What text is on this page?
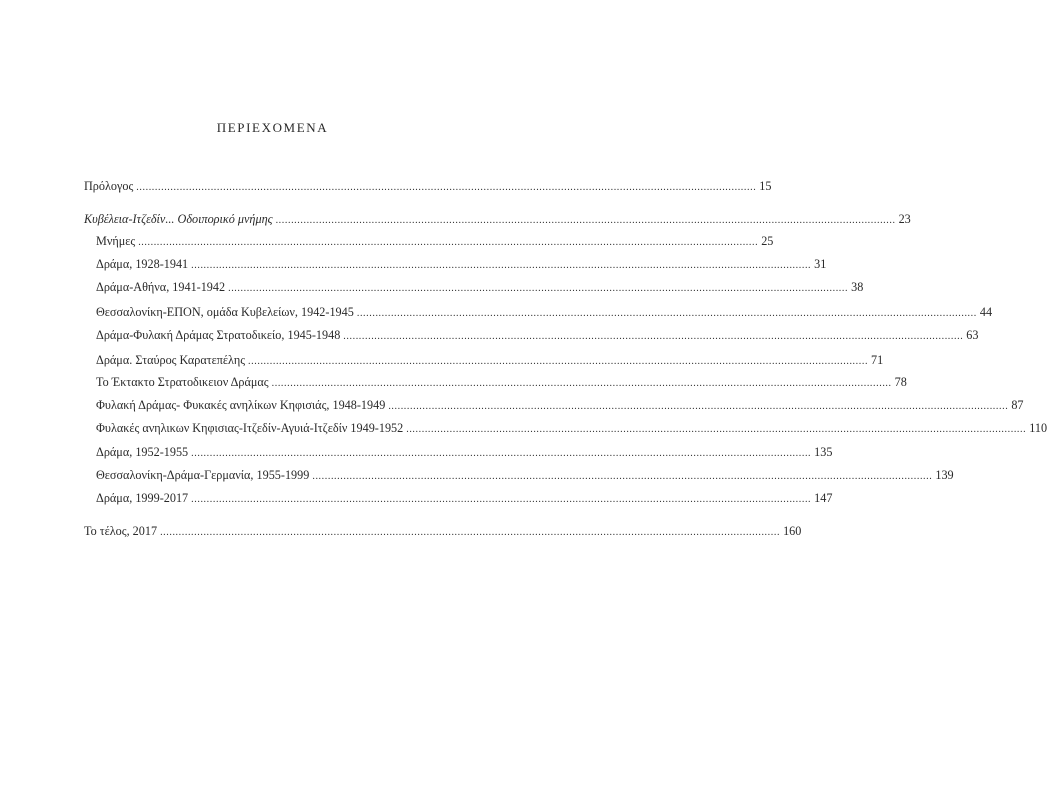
ΠΕΡΙΕΧΟΜΕΝΑ
Πρόλογος ........................................................................................................................................................................................................ 15
Κυβέλεια-Ιτζεδίν... Οδοιπορικό μνήμης ........................................................................................................................................................................................................ 23
Μνήμες ........................................................................................................................................................................................................ 25
Δράμα, 1928-1941 ........................................................................................................................................................................................................ 31
Θεσσαλονίκη-ΕΠΟΝ, ομάδα Κυβελείων, 1942-1945 ........................................................................................................................................................................................................ 44
Δράμα-Αθήνα, 1941-1942 ........................................................................................................................................................................................................ 38
Δράμα-Φυλακή Δράμας Στρατοδικείο, 1945-1948 ........................................................................................................................................................................................................ 63
Δράμα. Σταύρος Καρατεπέλης ........................................................................................................................................................................................................ 71
Το Έκτακτο Στρατοδικειον Δράμας ........................................................................................................................................................................................................ 78
Φυλακή Δράμας- Φυκακές ανηλίκων Κηφισιάς, 1948-1949 ........................................................................................................................................................................................................ 87
Φυλακές ανηλικων Κηφισιας-Ιτζεδίν-Αγυιά-Ιτζεδίν 1949-1952 ........................................................................................................................................................................................................ 110
Δράμα, 1952-1955 ........................................................................................................................................................................................................ 135
Θεσσαλονίκη-Δράμα-Γερμανία, 1955-1999 ........................................................................................................................................................................................................ 139
Δράμα, 1999-2017 ........................................................................................................................................................................................................ 147
Το τέλος, 2017 ........................................................................................................................................................................................................ 160
